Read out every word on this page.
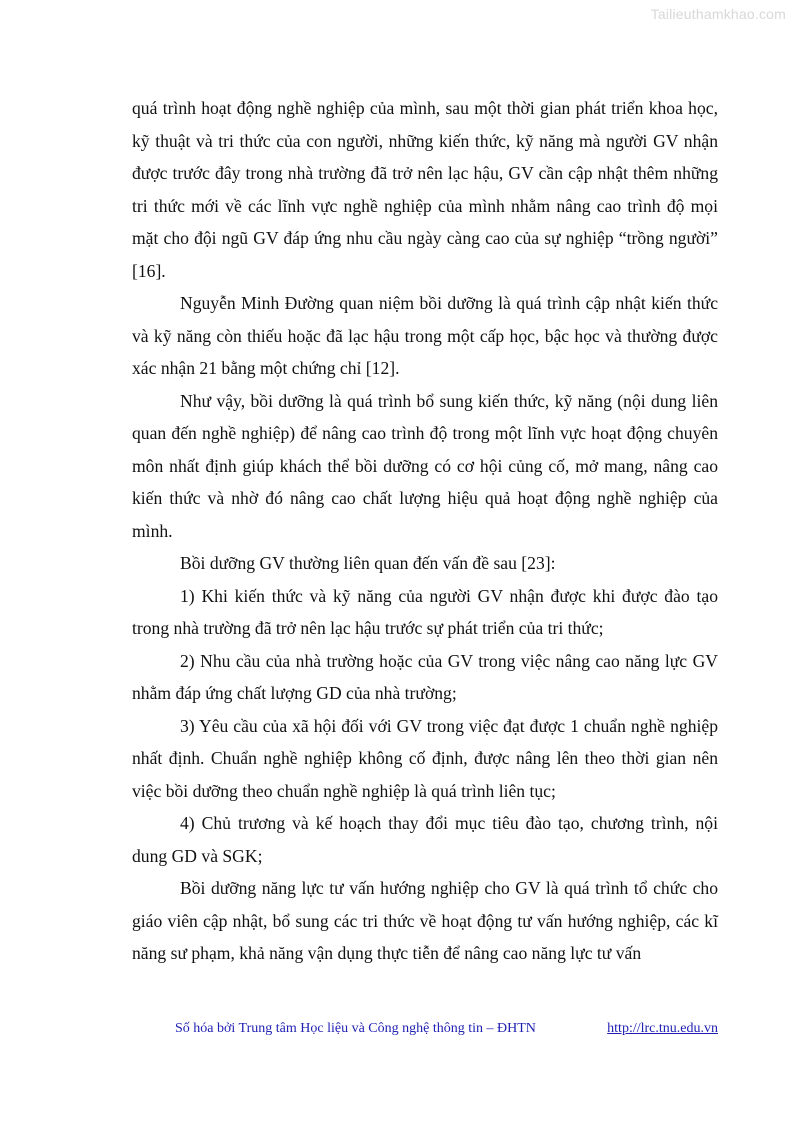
Tailieuthamkhao.com

quá trình hoạt động nghề nghiệp của mình, sau một thời gian phát triển khoa học, kỹ thuật và tri thức của con người, những kiến thức, kỹ năng mà người GV nhận được trước đây trong nhà trường đã trở nên lạc hậu, GV cần cập nhật thêm những tri thức mới về các lĩnh vực nghề nghiệp của mình nhằm nâng cao trình độ mọi mặt cho đội ngũ GV đáp ứng nhu cầu ngày càng cao của sự nghiệp “trồng người” [16].

Nguyễn Minh Đường quan niệm bồi dưỡng là quá trình cập nhật kiến thức và kỹ năng còn thiếu hoặc đã lạc hậu trong một cấp học, bậc học và thường được xác nhận 21 bằng một chứng chỉ [12].

Như vậy, bồi dưỡng là quá trình bổ sung kiến thức, kỹ năng (nội dung liên quan đến nghề nghiệp) để nâng cao trình độ trong một lĩnh vực hoạt động chuyên môn nhất định giúp khách thể bồi dưỡng có cơ hội củng cố, mở mang, nâng cao kiến thức và nhờ đó nâng cao chất lượng hiệu quả hoạt động nghề nghiệp của mình.

Bồi dưỡng GV thường liên quan đến vấn đề sau [23]:

1) Khi kiến thức và kỹ năng của người GV nhận được khi được đào tạo trong nhà trường đã trở nên lạc hậu trước sự phát triển của tri thức;

2) Nhu cầu của nhà trường hoặc của GV trong việc nâng cao năng lực GV nhằm đáp ứng chất lượng GD của nhà trường;

3) Yêu cầu của xã hội đối với GV trong việc đạt được 1 chuẩn nghề nghiệp nhất định. Chuẩn nghề nghiệp không cố định, được nâng lên theo thời gian nên việc bồi dưỡng theo chuẩn nghề nghiệp là quá trình liên tục;

4) Chủ trương và kế hoạch thay đổi mục tiêu đào tạo, chương trình, nội dung GD và SGK;

Bồi dưỡng năng lực tư vấn hướng nghiệp cho GV là quá trình tổ chức cho giáo viên cập nhật, bổ sung các tri thức về hoạt động tư vấn hướng nghiệp, các kĩ năng sư phạm, khả năng vận dụng thực tiễn để nâng cao năng lực tư vấn

Số hóa bởi Trung tâm Học liệu và Công nghệ thông tin – ĐHTN	http://lrc.tnu.edu.vn
